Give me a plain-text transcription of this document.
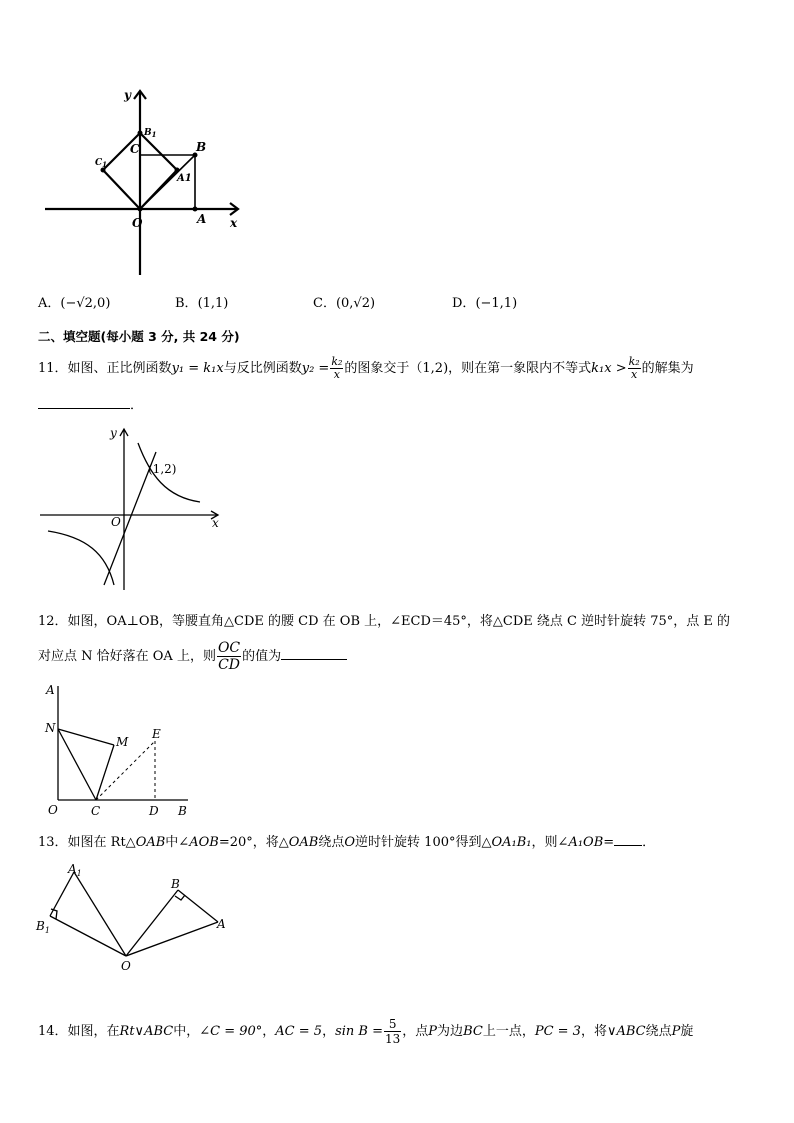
y
x
$B_1$
$C_1$
C	B
A1
O	A
A．(−√2,0)	B．(1,1)	C．(0,√2)	D．(−1,1)
二、填空题(每小题 3 分, 共 24 分)
11．如图、正比例函数y₁ = k₁x与反比例函数$y_2 = \frac{\text{k₂}}{x}$ 的图象交于（1,2)，则在第一象限内不等式$k_1x > \frac{\text{k₂}}{x}$ 的解集为
．
y
x
O
(1,2)
12．如图，OA⊥OB，等腰直角△CDE 的腰 CD 在 OB 上，∠ECD＝45°，将△CDE 绕点 C 逆时针旋转 75°，点 E 的
对应点 N 恰好落在 OA 上，则 $\frac{OC}{CD}$ 的值为
A
N
M
E
O	C	D B
13．如图在 Rt△OAB中∠AOB=20°，将△OAB绕点O逆时针旋转 100°得到△OA₁B₁，则∠A₁OB= ．
$A_1$
$B_1$
O
B
A
14．如图，在Rt∨ABC中，∠C = 90°，AC = 5，$\sin B = \frac{5}{13}$ ，点P为边BC上一点，PC = 3，将∨ABC绕点P旋
